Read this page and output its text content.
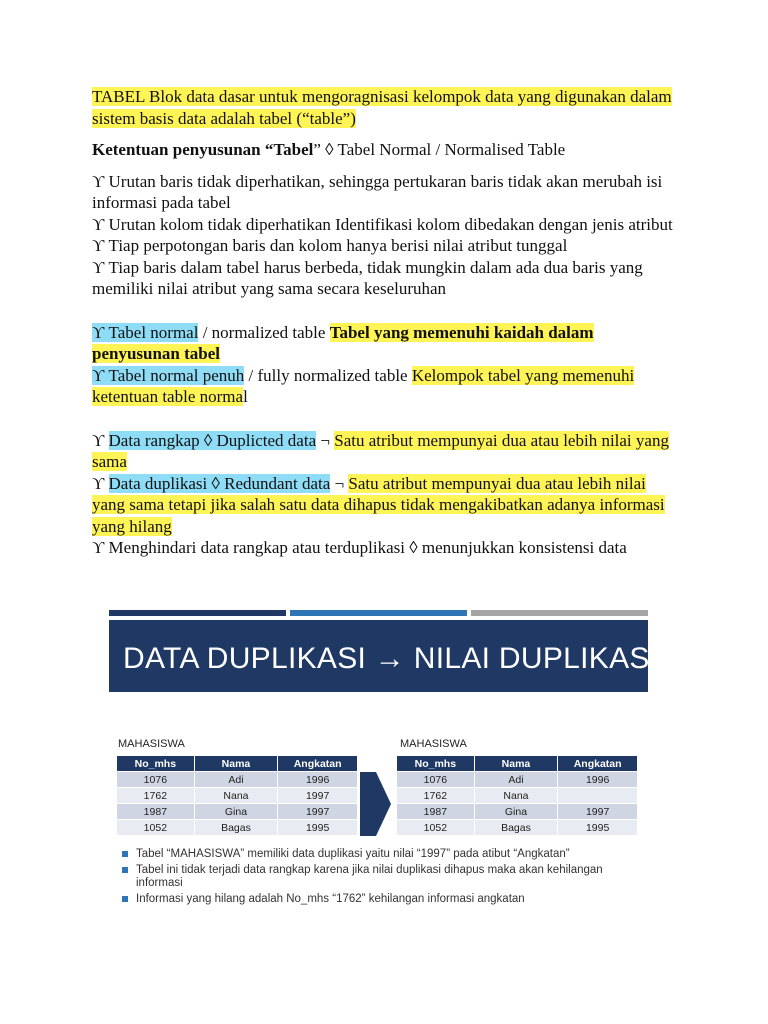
TABEL Blok data dasar untuk mengoragnisasi kelompok data yang digunakan dalam sistem basis data adalah tabel (“table”)

Ketentuan penyusunan “Tabel” ◊ Tabel Normal / Normalised Table

ϒ Urutan baris tidak diperhatikan, sehingga pertukaran baris tidak akan merubah isi informasi pada tabel

ϒ Urutan kolom tidak diperhatikan Identifikasi kolom dibedakan dengan jenis atribut

ϒ Tiap perpotongan baris dan kolom hanya berisi nilai atribut tunggal

ϒ Tiap baris dalam tabel harus berbeda, tidak mungkin dalam ada dua baris yang memiliki nilai atribut yang sama secara keseluruhan

ϒ Tabel normal / normalized table Tabel yang memenuhi kaidah dalam penyusunan tabel

ϒ Tabel normal penuh / fully normalized table Kelompok tabel yang memenuhi ketentuan table normal

ϒ Data rangkap ◊ Duplicted data ¬ Satu atribut mempunyai dua atau lebih nilai yang sama

ϒ Data duplikasi ◊ Redundant data ¬ Satu atribut mempunyai dua atau lebih nilai yang sama tetapi jika salah satu data dihapus tidak mengakibatkan adanya informasi yang hilang

ϒ Menghindari data rangkap atau terduplikasi ◊ menunjukkan konsistensi data

DATA DUPLIKASI → NILAI DUPLIKASI
MAHASISWA
No_mhs	Nama	Angkatan
1076	Adi	1996
1762	Nana	1997
1987	Gina	1997
1052	Bagas	1995
MAHASISWA
No_mhs	Nama	Angkatan
1076	Adi	1996
1762	Nana	
1987	Gina	1997
1052	Bagas	1995
Tabel “MAHASISWA” memiliki data duplikasi yaitu nilai “1997” pada atibut “Angkatan”
Tabel ini tidak terjadi data rangkap karena jika nilai duplikasi dihapus maka akan kehilangan informasi
Informasi yang hilang adalah No_mhs “1762” kehilangan informasi angkatan
